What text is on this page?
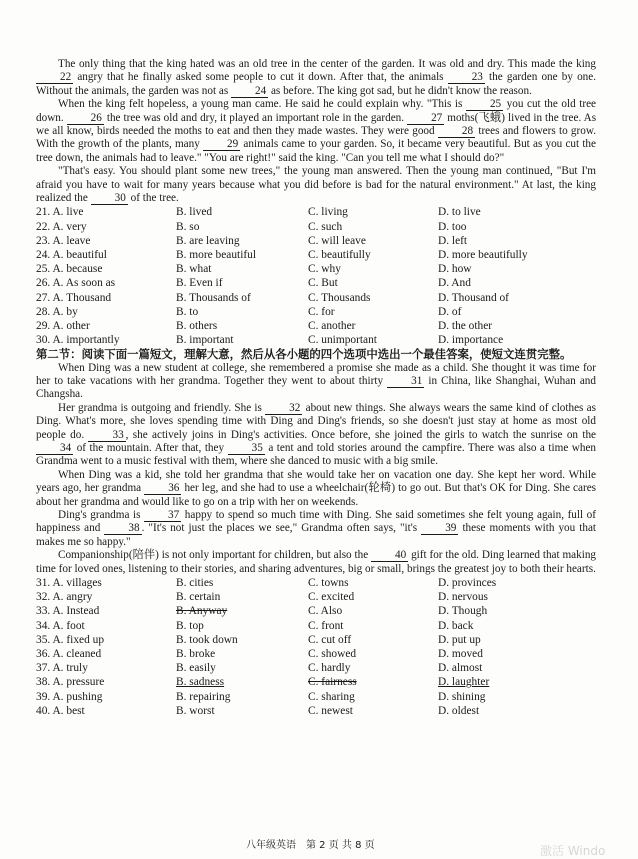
The only thing that the king hated was an old tree in the center of the garden. It was old and dry. This made the king 22 angry that he finally asked some people to cut it down. After that, the animals	23 the garden one by one. Without the animals, the garden was not as 24 as before. The king got sad, but he didn't know the reason.

When the king felt hopeless, a young man came. He said he could explain why. "This is 25 you cut the old tree down. 26 the tree was old and dry, it played an important role in the garden. 27 moths(飞蛾) lived in the tree. As we all know, birds needed the moths to eat and then they made wastes. They were good 28 trees and flowers to grow. With the growth of the plants, many 29 animals came to your garden. So, it became very beautiful. But as you cut the tree down, the animals had to leave." "You are right!" said the king. "Can you tell me what I should do?"

"That's easy. You should plant some new trees," the young man answered. Then the young man continued, "But I'm afraid you have to wait for many years because what you did before is bad for the natural environment." At last, the king realized the 30 of the tree.

21. A. live	B. lived	C. living	D. to live
22. A. very	B. so	C. such	D. too
23. A. leave	B. are leaving	C. will leave	D. left
24. A. beautiful	B. more beautiful	C. beautifully	D. more beautifully
25. A. because	B. what	C. why	D. how
26. A. As soon as	B. Even if	C. But	D. And
27. A. Thousand	B. Thousands of	C. Thousands	D. Thousand of
28. A. by	B. to	C. for	D. of
29. A. other	B. others	C. another	D. the other
30. A. importantly	B. important	C. unimportant	D. importance

第二节：阅读下面一篇短文，理解大意，然后从各小题的四个选项中选出一个最佳答案，使短文连贯完整。

When Ding was a new student at college, she remembered a promise she made as a child. She thought it was time for her to take vacations with her grandma. Together they went to about thirty	31 in China, like Shanghai, Wuhan and Changsha.

Her grandma is outgoing and friendly. She is 32 about new things. She always wears the same kind of clothes as Ding. What's more, she loves spending time with Ding and Ding's friends, so she doesn't just stay at home as most old people do.	33 , she actively joins in Ding's activities. Once before, she joined the girls to watch the sunrise on the 34 of the mountain. After that, they 35 a tent and told stories around the campfire. There was also a time when Grandma went to a music festival with them, where she danced to music with a big smile.

When Ding was a kid, she told her grandma that she would take her on vacation one day. She kept her word. While years ago, her grandma 36 her leg, and she had to use a wheelchair(轮椅) to go out. But that's OK for Ding. She cares about her grandma and would like to go on a trip with her on weekends.

Ding's grandma is 37 happy to spend so much time with Ding. She said sometimes she felt young again, full of happiness and	38 . "It's not just the places we see," Grandma often says, "it's	39 these moments with you that makes me so happy."

Companionship(陪伴) is not only important for children, but also the 40 gift for the old. Ding learned that making time for loved ones, listening to their stories, and sharing adventures, big or small, brings the greatest joy to both their hearts.

31. A. villages	B. cities	C. towns	D. provinces
32. A. angry	B. certain	C. excited	D. nervous
33. A. Instead	B. Anyway	C. Also	D. Though
34. A. foot	B. top	C. front	D. back
35. A. fixed up	B. took down	C. cut off	D. put up
36. A. cleaned	B. broke	C. showed	D. moved
37. A. truly	B. easily	C. hardly	D. almost
38. A. pressure	B. sadness	C. fairness	D. laughter
39. A. pushing	B. repairing	C. sharing	D. shining
40. A. best	B. worst	C. newest	D. oldest
八年级英语　第 2 页 共 8 页	激活 Windo
